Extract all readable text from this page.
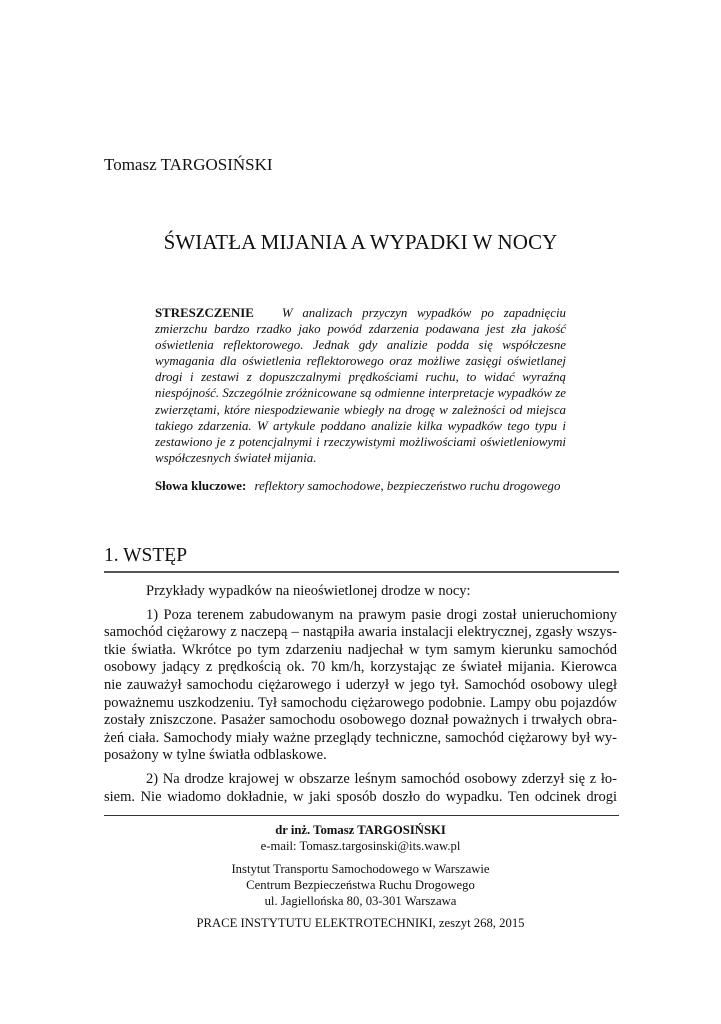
Tomasz TARGOSIŃSKI
ŚWIATŁA MIJANIA A WYPADKI W NOCY
STRESZCZENIE W analizach przyczyn wypadków po zapadnięciu zmierzchu bardzo rzadko jako powód zdarzenia podawana jest zła jakość oświetlenia reflektorowego. Jednak gdy analizie podda się współczesne wymagania dla oświetlenia reflektorowego oraz możliwe zasięgi oświetlanej drogi i zestawi z dopuszczalnymi prędkościami ruchu, to widać wyraźną niespójność. Szczególnie zróżnicowane są odmienne interpretacje wypadków ze zwierzętami, które niespodziewanie wbiegły na drogę w zależności od miejsca takiego zdarzenia. W artykule poddano analizie kilka wypadków tego typu i zestawiono je z potencjalnymi i rzeczywistymi możliwościami oświetleniowymi współczesnych świateł mijania.
Słowa kluczowe: reflektory samochodowe, bezpieczeństwo ruchu drogowego
1. WSTĘP

Przykłady wypadków na nieoświetlonej drodze w nocy:

1) Poza terenem zabudowanym na prawym pasie drogi został unieruchomiony
samochód ciężarowy z naczepą – nastąpiła awaria instalacji elektrycznej, zgasły wszys-
tkie światła. Wkrótce po tym zdarzeniu nadjechał w tym samym kierunku samochód
osobowy jadący z prędkością ok. 70 km/h, korzystając ze świateł mijania. Kierowca
nie zauważył samochodu ciężarowego i uderzył w jego tył. Samochód osobowy uległ
poważnemu uszkodzeniu. Tył samochodu ciężarowego podobnie. Lampy obu pojazdów
zostały zniszczone. Pasażer samochodu osobowego doznał poważnych i trwałych obra-
żeń ciała. Samochody miały ważne przeglądy techniczne, samochód ciężarowy był wy-
posażony w tylne światła odblaskowe.

2) Na drodze krajowej w obszarze leśnym samochód osobowy zderzył się z ło-
siem. Nie wiadomo dokładnie, w jaki sposób doszło do wypadku. Ten odcinek drogi

dr inż. Tomasz TARGOSIŃSKI
e-mail: Tomasz.targosinski@its.waw.pl
Instytut Transportu Samochodowego w Warszawie
Centrum Bezpieczeństwa Ruchu Drogowego
ul. Jagiellońska 80, 03-301 Warszawa
PRACE INSTYTUTU ELEKTROTECHNIKI, zeszyt 268, 2015
